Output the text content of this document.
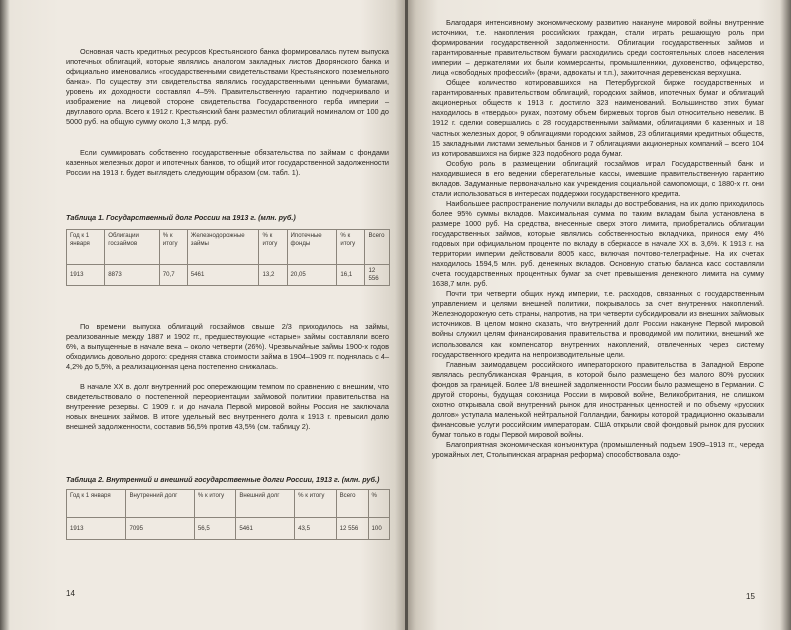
Основная часть кредитных ресурсов Крестьянского банка формировалась путем выпуска ипотечных облигаций, которые являлись аналогом закладных листов Дворянского банка и официально именовались «государственными свидетельствами Крестьянского поземельного банка». По существу эти свидетельства являлись государственными ценными бумагами, уровень их доходности составлял 4–5%. Правительственную гарантию подчеркивало и изображение на лицевой стороне свидетельства Государственного герба империи – двуглавого орла. Всего к 1912 г. Крестьянский банк разместил облигаций номиналом от 100 до 5000 руб. на общую сумму около 1,3 млрд. руб.

Если суммировать собственно государственные обязательства по займам с фондами казенных железных дорог и ипотечных банков, то общий итог государственной задолженности России на 1913 г. будет выглядеть следующим образом (см. табл. 1).

Таблица 1. Государственный долг России на 1913 г. (млн. руб.)
Год к 1 января	Облигации госзаймов	% к итогу	Железнодорожные займы	% к итогу	Ипотечные фонды	% к итогу	Всего
1913	8873	70,7	5461	13,2	20,05	16,1	12 556

По времени выпуска облигаций госзаймов свыше 2/3 приходилось на займы, реализованные между 1887 и 1902 гг., предшествующие «старые» займы составляли всего 6%, а выпущенные в начале века – около четверти (26%). Чрезвычайные займы 1900-х годов обходились довольно дорого: средняя ставка стоимости займа в 1904–1909 гг. поднялась с 4–4,2% до 5,5%, а реализационная цена постепенно снижалась.

В начале XX в. долг внутренний рос опережающим темпом по сравнению с внешним, что свидетельствовало о постепенной переориентации займовой политики правительства на внутренние резервы. С 1909 г. и до начала Первой мировой войны Россия не заключала новых внешних займов. В итоге удельный вес внутреннего долга к 1913 г. превысил долю внешней задолженности, составив 56,5% против 43,5% (см. таблицу 2).

Таблица 2. Внутренний и внешний государственные долги России, 1913 г. (млн. руб.)
Год к 1 января	Внутренний долг	% к итогу	Внешний долг	% к итогу	Всего	%
1913	7095	56,5	5461	43,5	12 556	100
14

Благодаря интенсивному экономическому развитию накануне мировой войны внутренние источники, т.е. накопления российских граждан, стали играть решающую роль при формировании государственной задолженности. Облигации государственных займов и гарантированные правительством бумаги расходились среди состоятельных слоев населения империи – держателями их были коммерсанты, промышленники, духовенство, офицерство, лица «свободных профессий» (врачи, адвокаты и т.п.), зажиточная деревенская верхушка.

Общее количество котировавшихся на Петербургской бирже государственных и гарантированных правительством облигаций, городских займов, ипотечных бумаг и облигаций акционерных обществ к 1913 г. достигло 323 наименований. Большинство этих бумаг находилось в «твердых» руках, поэтому объем биржевых торгов был относительно невелик. В 1912 г. сделки совершались с 28 государственными займами, облигациями 6 казенных и 18 частных железных дорог, 9 облигациями городских займов, 23 облигациями кредитных обществ, 15 закладными листами земельных банков и 7 облигациями акционерных компаний – всего 104 из котировавшихся на бирже 323 подобного рода бумаг.

Особую роль в размещении облигаций госзаймов играл Государственный банк и находившиеся в его ведении сберегательные кассы, имевшие правительственную гарантию вкладов. Задуманные первоначально как учреждения социальной самопомощи, с 1880-х гг. они стали использоваться в интересах поддержки государственного кредита.

Наибольшее распространение получили вклады до востребования, на их долю приходилось более 95% суммы вкладов. Максимальная сумма по таким вкладам была установлена в размере 1000 руб. На средства, внесенные сверх этого лимита, приобретались облигации государственных займов, которые являлись собственностью вкладчика, принося ему 4% годовых при официальном проценте по вкладу в сберкассе в начале XX в. 3,6%. К 1913 г. на территории империи действовали 8005 касс, включая почтово-телеграфные. На их счетах находилось 1594,5 млн. руб. денежных вкладов. Основную статью баланса касс составляли счета государственных процентных бумаг за счет превышения денежного лимита на сумму 1638,7 млн. руб.

Почти три четверти общих нужд империи, т.е. расходов, связанных с государственным управлением и целями внешней политики, покрывалось за счет внутренних накоплений. Железнодорожную сеть страны, напротив, на три четверти субсидировали из внешних займовых источников. В целом можно сказать, что внутренний долг России накануне Первой мировой войны служил целям финансирования правительства и проводимой им политики, внешний же использовался как компенсатор внутренних накоплений, отвлеченных через систему государственного кредита на непроизводительные цели.

Главным заимодавцем российского императорского правительства в Западной Европе являлась республиканская Франция, в которой было размещено без малого 80% русских фондов за границей. Более 1/8 внешней задолженности России было размещено в Германии. С другой стороны, будущая союзница России в мировой войне, Великобритания, не слишком охотно открывала свой внутренний рынок для иностранных ценностей и по объему «русских долгов» уступала маленькой нейтральной Голландии, банкиры которой традиционно оказывали финансовые услуги российским императорам. США открыли свой фондовый рынок для русских бумаг только в годы Первой мировой войны.

Благоприятная экономическая конъюнктура (промышленный подъем 1909–1913 гг., череда урожайных лет, Столыпинская аграрная реформа) способствовала оздо-

15
